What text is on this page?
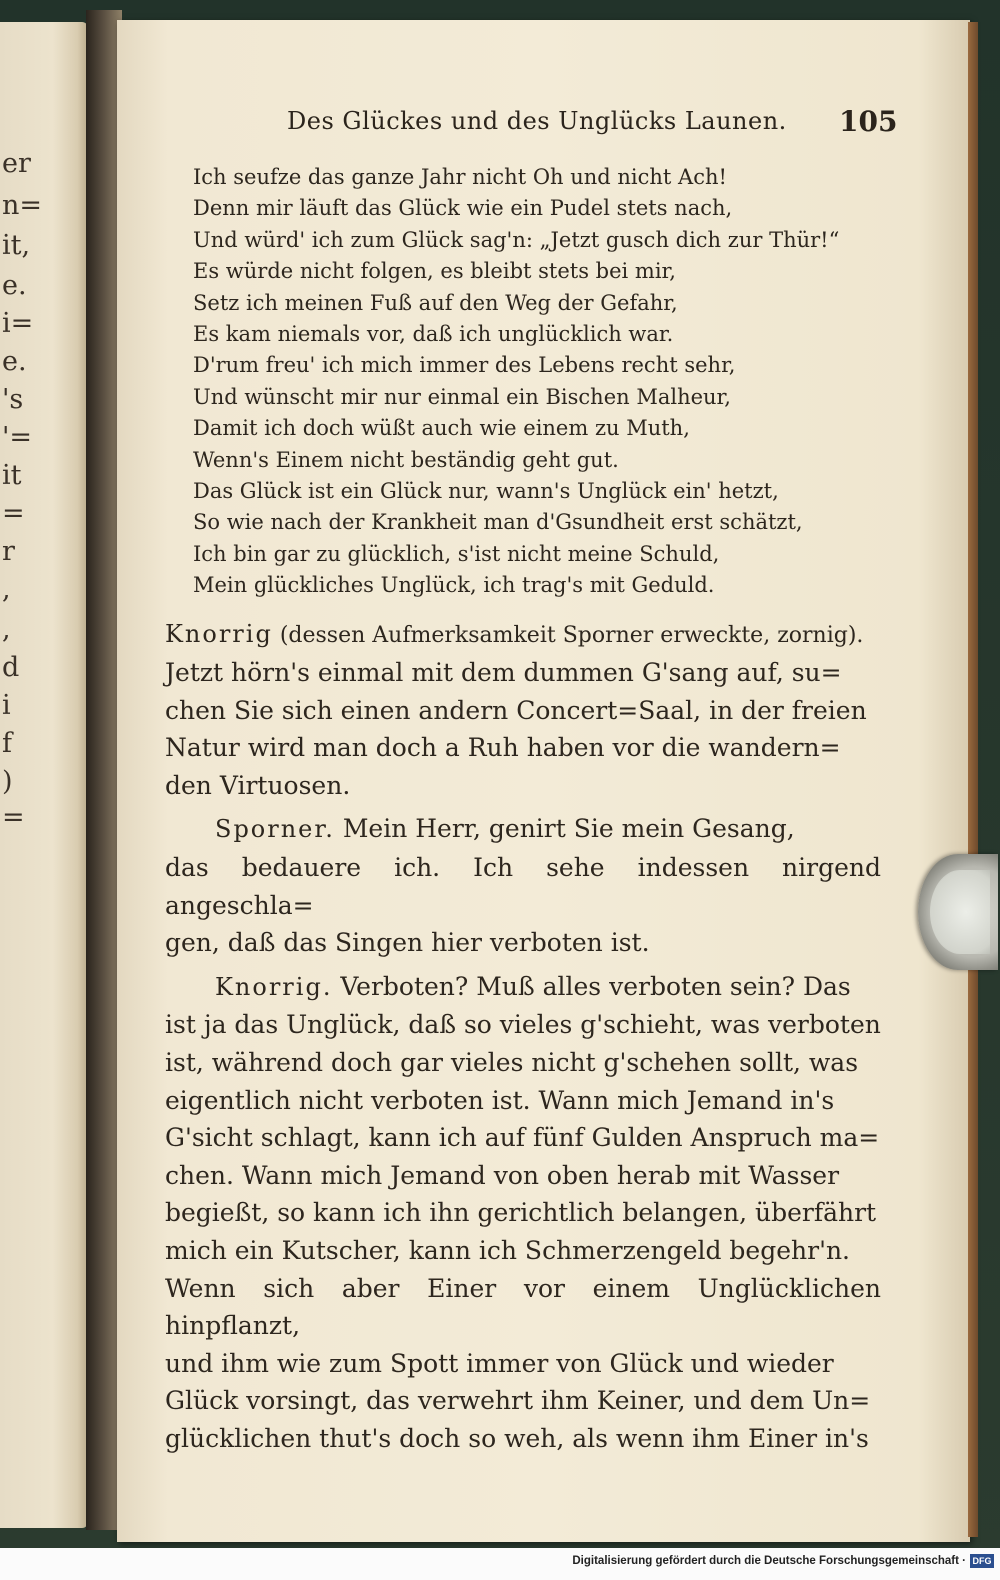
er
n=
it,
e.
i=
e.
's
'=
it
=
r
,
,
d
i
f
)
=
Des Glückes und des Unglücks Launen. 105
Ich seufze das ganze Jahr nicht Oh und nicht Ach!
Denn mir läuft das Glück wie ein Pudel stets nach,
Und würd' ich zum Glück sag'n: „Jetzt gusch dich zur Thür!“
Es würde nicht folgen, es bleibt stets bei mir,
Setz ich meinen Fuß auf den Weg der Gefahr,
Es kam niemals vor, daß ich unglücklich war.
D'rum freu' ich mich immer des Lebens recht sehr,
Und wünscht mir nur einmal ein Bischen Malheur,
Damit ich doch wüßt auch wie einem zu Muth,
Wenn's Einem nicht beständig geht gut.
Das Glück ist ein Glück nur, wann's Unglück ein' hetzt,
So wie nach der Krankheit man d'Gsundheit erst schätzt,
Ich bin gar zu glücklich, s'ist nicht meine Schuld,
Mein glückliches Unglück, ich trag's mit Geduld.
Knorrig (dessen Aufmerksamkeit Sporner erweckte, zornig).
Jetzt hörn's einmal mit dem dummen G'sang auf, su=
chen Sie sich einen andern Concert=Saal, in der freien
Natur wird man doch a Ruh haben vor die wandern=
den Virtuosen.
Sporner. Mein Herr, genirt Sie mein Gesang,
das bedauere ich. Ich sehe indessen nirgend angeschla=
gen, daß das Singen hier verboten ist.
Knorrig. Verboten? Muß alles verboten sein? Das
ist ja das Unglück, daß so vieles g'schieht, was verboten
ist, während doch gar vieles nicht g'schehen sollt, was
eigentlich nicht verboten ist. Wann mich Jemand in's
G'sicht schlagt, kann ich auf fünf Gulden Anspruch ma=
chen. Wann mich Jemand von oben herab mit Wasser
begießt, so kann ich ihn gerichtlich belangen, überfährt
mich ein Kutscher, kann ich Schmerzengeld begehr'n.
Wenn sich aber Einer vor einem Unglücklichen hinpflanzt,
und ihm wie zum Spott immer von Glück und wieder
Glück vorsingt, das verwehrt ihm Keiner, und dem Un=
glücklichen thut's doch so weh, als wenn ihm Einer in's
Digitalisierung gefördert durch die Deutsche Forschungsgemeinschaft · DFG
